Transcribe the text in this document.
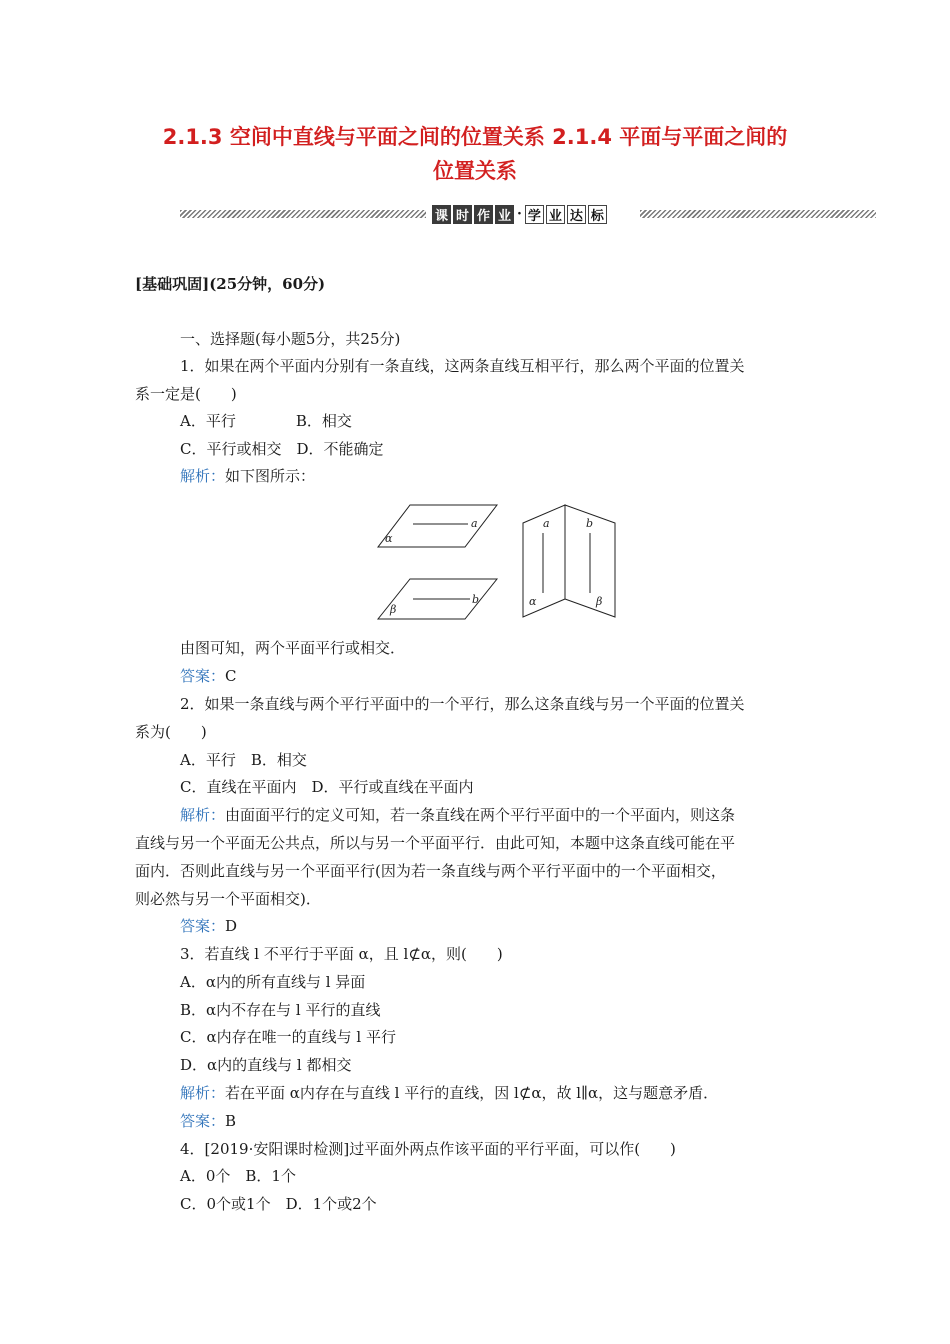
2.1.3 空间中直线与平面之间的位置关系 2.1.4 平面与平面之间的
位置关系
课 时 作 业 · 学 业 达 标
[基础巩固](25分钟，60分)
一、选择题(每小题5分，共25分)
1．如果在两个平面内分别有一条直线，这两条直线互相平行，那么两个平面的位置关
系一定是(　　)
A．平行　　　　B．相交
C．平行或相交　D．不能确定
解析：如下图所示：
a
α
b
β
a	b
α	β
由图可知，两个平面平行或相交．
答案：C
2．如果一条直线与两个平行平面中的一个平行，那么这条直线与另一个平面的位置关
系为(　　)
A．平行　B．相交
C．直线在平面内　D．平行或直线在平面内
解析：由面面平行的定义可知，若一条直线在两个平行平面中的一个平面内，则这条
直线与另一个平面无公共点，所以与另一个平面平行．由此可知，本题中这条直线可能在平
面内．否则此直线与另一个平面平行(因为若一条直线与两个平行平面中的一个平面相交，
则必然与另一个平面相交)．
答案：D
3．若直线 l 不平行于平面 α，且 l⊄α，则(　　)
A．α内的所有直线与 l 异面
B．α内不存在与 l 平行的直线
C．α内存在唯一的直线与 l 平行
D．α内的直线与 l 都相交
解析：若在平面 α内存在与直线 l 平行的直线，因 l⊄α，故 l∥α，这与题意矛盾．
答案：B
4．[2019·安阳课时检测]过平面外两点作该平面的平行平面，可以作(　　)
A．0个　B．1个
C．0个或1个　D．1个或2个
